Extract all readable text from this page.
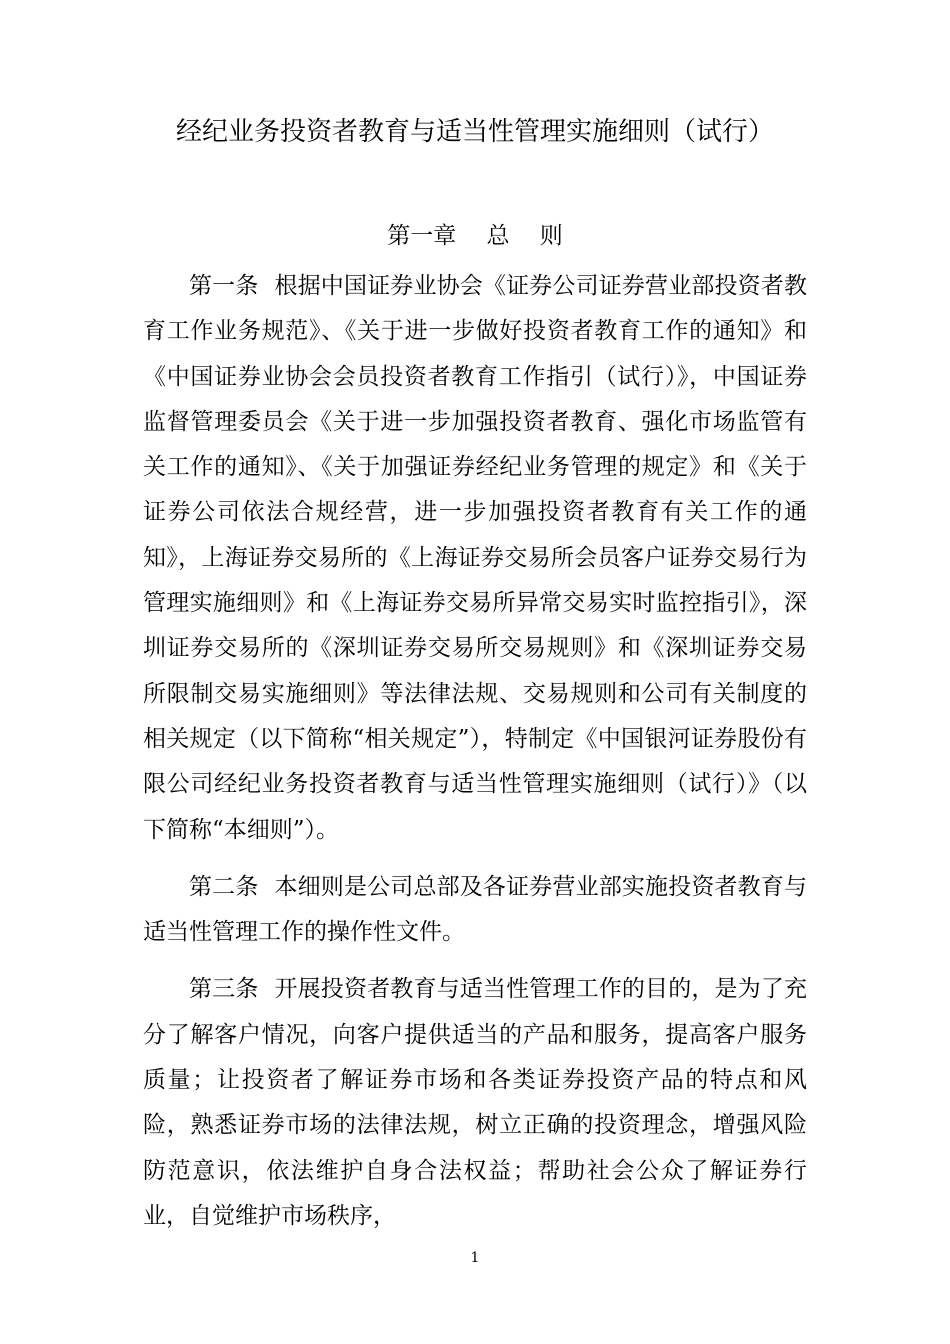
经纪业务投资者教育与适当性管理实施细则（试行）
第一章　 总　 则

第一条 根据中国证券业协会《证券公司证券营业部投资者教育工作业务规范》、《关于进一步做好投资者教育工作的通知》和《中国证券业协会会员投资者教育工作指引（试行）》，中国证券监督管理委员会《关于进一步加强投资者教育、强化市场监管有关工作的通知》、《关于加强证券经纪业务管理的规定》和《关于证券公司依法合规经营，进一步加强投资者教育有关工作的通知》，上海证券交易所的《上海证券交易所会员客户证券交易行为管理实施细则》和《上海证券交易所异常交易实时监控指引》，深圳证券交易所的《深圳证券交易所交易规则》和《深圳证券交易所限制交易实施细则》等法律法规、交易规则和公司有关制度的相关规定（以下简称“相关规定”），特制定《中国银河证券股份有限公司经纪业务投资者教育与适当性管理实施细则（试行）》（以下简称“本细则”）。

第二条 本细则是公司总部及各证券营业部实施投资者教育与适当性管理工作的操作性文件。

第三条 开展投资者教育与适当性管理工作的目的，是为了充分了解客户情况，向客户提供适当的产品和服务，提高客户服务质量；让投资者了解证券市场和各类证券投资产品的特点和风险，熟悉证券市场的法律法规，树立正确的投资理念，增强风险防范意识，依法维护自身合法权益；帮助社会公众了解证券行业，自觉维护市场秩序，

1
